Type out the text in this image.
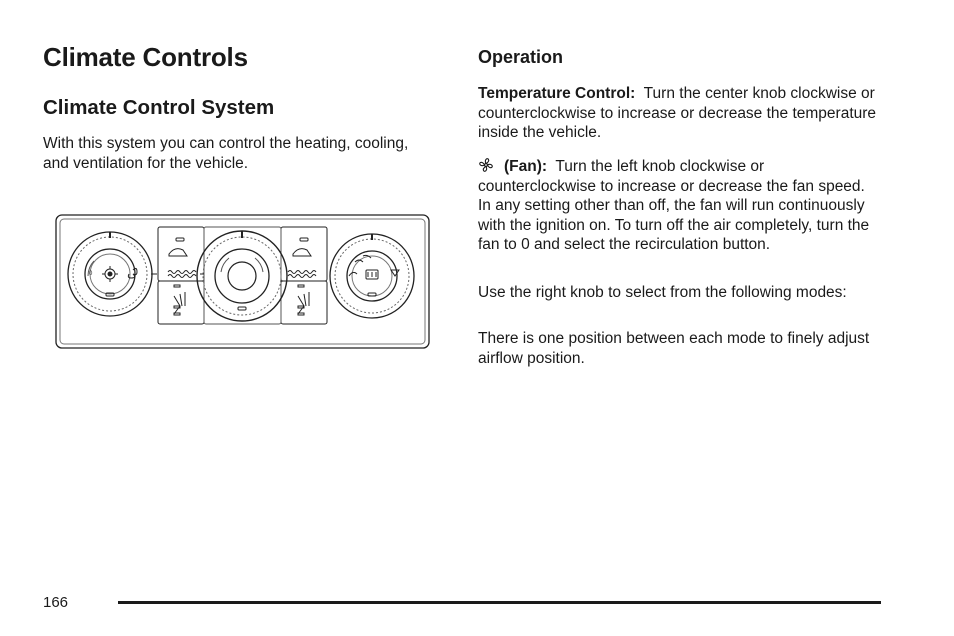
Climate Controls
Climate Control System

With this system you can control the heating, cooling, and ventilation for the vehicle.

0
Operation

Temperature Control: Turn the center knob clockwise or counterclockwise to increase or decrease the temperature inside the vehicle.

(Fan): Turn the left knob clockwise or counterclockwise to increase or decrease the fan speed. In any setting other than off, the fan will run continuously with the ignition on. To turn off the air completely, turn the fan to 0 and select the recirculation button.

Use the right knob to select from the following modes:

There is one position between each mode to finely adjust airflow position.

166
